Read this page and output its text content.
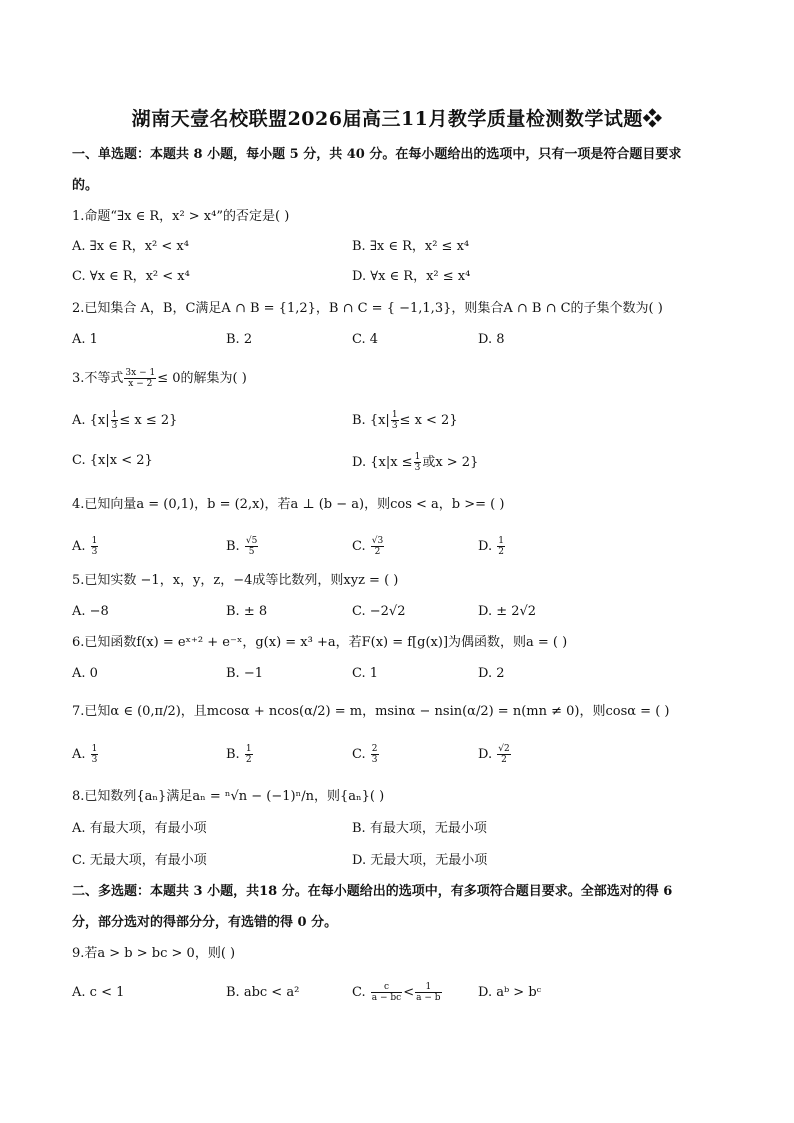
湖南天壹名校联盟2026届高三11月教学质量检测数学试题❖
一、单选题：本题共 8 小题，每小题 5 分，共 40 分。在每小题给出的选项中，只有一项是符合题目要求
的。
1.命题“∃x ∈ R，x² > x⁴”的否定是( )
A. ∃x ∈ R，x² < x⁴	B. ∃x ∈ R，x² ≤ x⁴
C. ∀x ∈ R，x² < x⁴	D. ∀x ∈ R，x² ≤ x⁴
2.已知集合 A，B，C满足A ∩ B = {1,2}，B ∩ C = { −1,1,3}，则集合A ∩ B ∩ C的子集个数为( )
A. 1	B. 2	C. 4	D. 8
3.不等式 $\frac{3x - 1}{x - 2} \le 0$的解集为( )
A. $\{x| \frac{1}{3} \le x \le 2\}$	B. $\{x| \frac{1}{3} \le x < 2\}$
C. {x|x < 2}	D. {$x|x \le \frac{1}{3}$ 或x > 2}
4.已知向量a = (0,1)，b = (2,x)，若a ⊥ (b − a)，则cos < a，b >= ( )
A. $\frac{1}{3}$	B. $\frac{√5}{5}$	C. $\frac{√3}{2}$	D. $\frac{1}{2}$
5.已知实数 −1，x，y，z，−4成等比数列，则xyz = ( )
A. −8	B. ± 8	C. −2√2	D. ± 2√2
6.已知函数f(x) = eˣ⁺² + e⁻ˣ，g(x) = x³ +a，若F(x) = f[g(x)]为偶函数，则a = ( )
A. 0	B. −1	C. 1	D. 2
7.已知α ∈ (0,π/2)，且mcosα + ncos(α/2) = m，msinα − nsin(α/2) = n(mn ≠ 0)，则cosα = ( )
A. $\frac{1}{3}$	B. $\frac{1}{2}$	C. $\frac{2}{3}$	D. $\frac{√2}{2}$
8.已知数列{aₙ}满足aₙ = ⁿ√n − (−1)ⁿ/n，则{aₙ}( )
A. 有最大项，有最小项	B. 有最大项，无最小项
C. 无最大项，有最小项	D. 无最大项，无最小项
二、多选题：本题共 3 小题，共18 分。在每小题给出的选项中，有多项符合题目要求。全部选对的得 6
分，部分选对的得部分分，有选错的得 0 分。
9.若a > b > bc > 0，则( )
A. c < 1	B. abc < a²	C. $\frac{c}{a - bc} < \frac{1}{a - b}$	D. aᵇ > bᶜ
